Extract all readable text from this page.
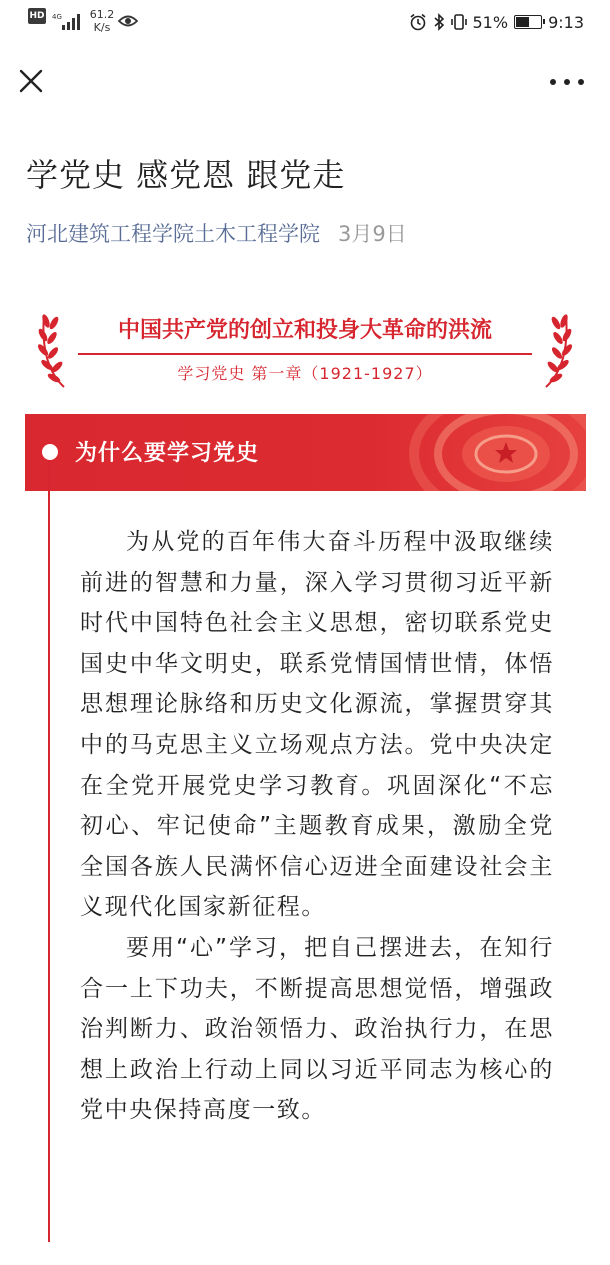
HD 4G	61.2
K/s	51%	9:13
学党史 感党恩 跟党走
河北建筑工程学院土木工程学院 3月9日
中国共产党的创立和投身大革命的洪流
学习党史 第一章（1921-1927）
为什么要学习党史

为从党的百年伟大奋斗历程中汲取继续前进的智慧和力量，深入学习贯彻习近平新时代中国特色社会主义思想，密切联系党史国史中华文明史，联系党情国情世情，体悟思想理论脉络和历史文化源流，掌握贯穿其中的马克思主义立场观点方法。党中央决定在全党开展党史学习教育。巩固深化“不忘初心、牢记使命”主题教育成果，激励全党全国各族人民满怀信心迈进全面建设社会主义现代化国家新征程。

要用“心”学习，把自己摆进去，在知行合一上下功夫，不断提高思想觉悟，增强政治判断力、政治领悟力、政治执行力，在思想上政治上行动上同以习近平同志为核心的党中央保持高度一致。
